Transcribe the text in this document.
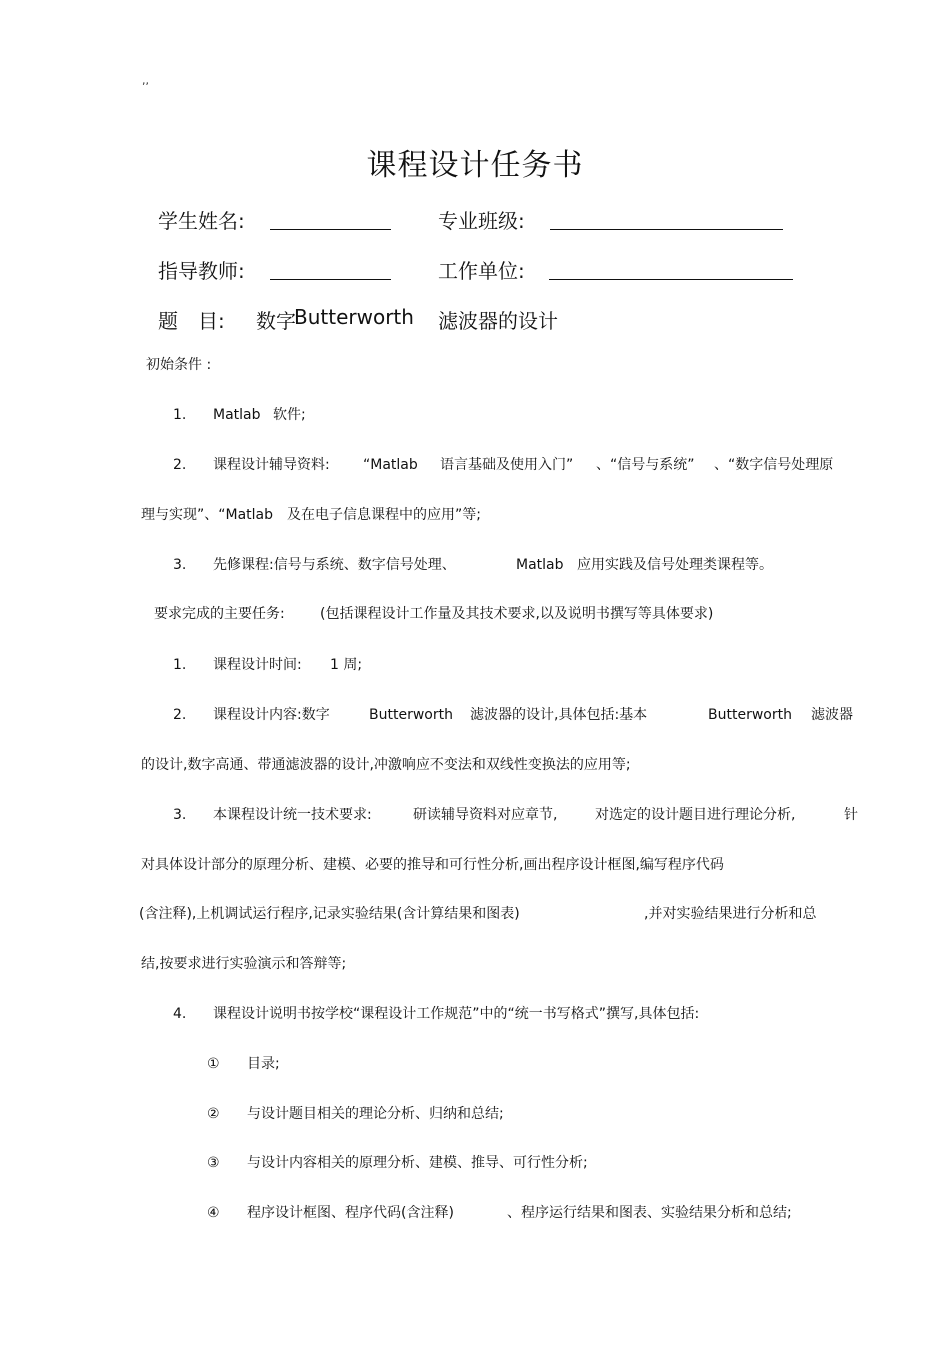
,,
课程设计任务书
学生姓名:	专业班级:
指导教师:	工作单位:
题　目: 数字
Butterworth 滤波器的设计
初始条件 :
1. Matlab 软件;
2. 课程设计辅导资料: “Matlab 语言基础及使用入门” 、“信号与系统” 、“数字信号处理原
理与实现”、“Matlab　及在电子信息课程中的应用”等;
3. 先修课程:信号与系统、数字信号处理、	Matlab 应用实践及信号处理类课程等。
要求完成的主要任务:	(包括课程设计工作量及其技术要求,以及说明书撰写等具体要求)
1. 课程设计时间: 1 周;
2. 课程设计内容:数字	Butterworth 滤波器的设计,具体包括:基本	Butterworth 滤波器
的设计,数字高通、带通滤波器的设计,冲激响应不变法和双线性变换法的应用等;
3. 本课程设计统一技术要求:	研读辅导资料对应章节,	对选定的设计题目进行理论分析,	针
对具体设计部分的原理分析、建模、必要的推导和可行性分析,画出程序设计框图,编写程序代码
(含注释),上机调试运行程序,记录实验结果(含计算结果和图表)	,并对实验结果进行分析和总
结,按要求进行实验演示和答辩等;
4. 课程设计说明书按学校“课程设计工作规范”中的“统一书写格式”撰写,具体包括:
① 目录;
② 与设计题目相关的理论分析、归纳和总结;
③ 与设计内容相关的原理分析、建模、推导、可行性分析;
④ 程序设计框图、程序代码(含注释)	、程序运行结果和图表、实验结果分析和总结;
